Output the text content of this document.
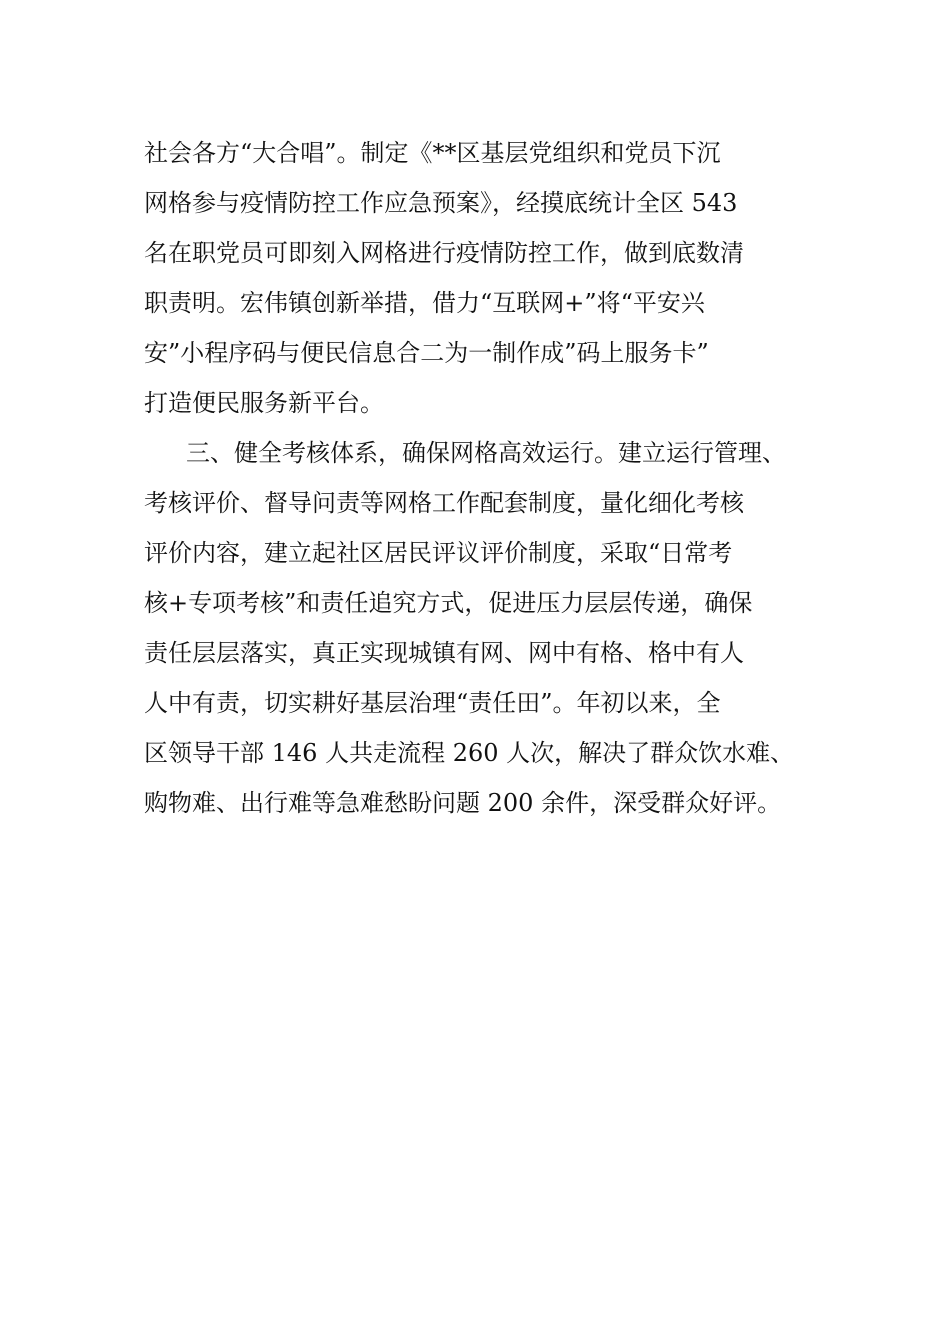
社会各方“大合唱”。制定《**区基层党组织和党员下沉
网格参与疫情防控工作应急预案》，经摸底统计全区 543
名在职党员可即刻入网格进行疫情防控工作，做到底数清
职责明。宏伟镇创新举措，借力“互联网+”将“平安兴
安”小程序码与便民信息合二为一制作成”码上服务卡”
打造便民服务新平台。
三、健全考核体系，确保网格高效运行。建立运行管理、
考核评价、督导问责等网格工作配套制度，量化细化考核
评价内容，建立起社区居民评议评价制度，采取“日常考
核+专项考核”和责任追究方式，促进压力层层传递，确保
责任层层落实，真正实现城镇有网、网中有格、格中有人
人中有责，切实耕好基层治理“责任田”。年初以来，全
区领导干部 146 人共走流程 260 人次，解决了群众饮水难、
购物难、出行难等急难愁盼问题 200 余件，深受群众好评。
